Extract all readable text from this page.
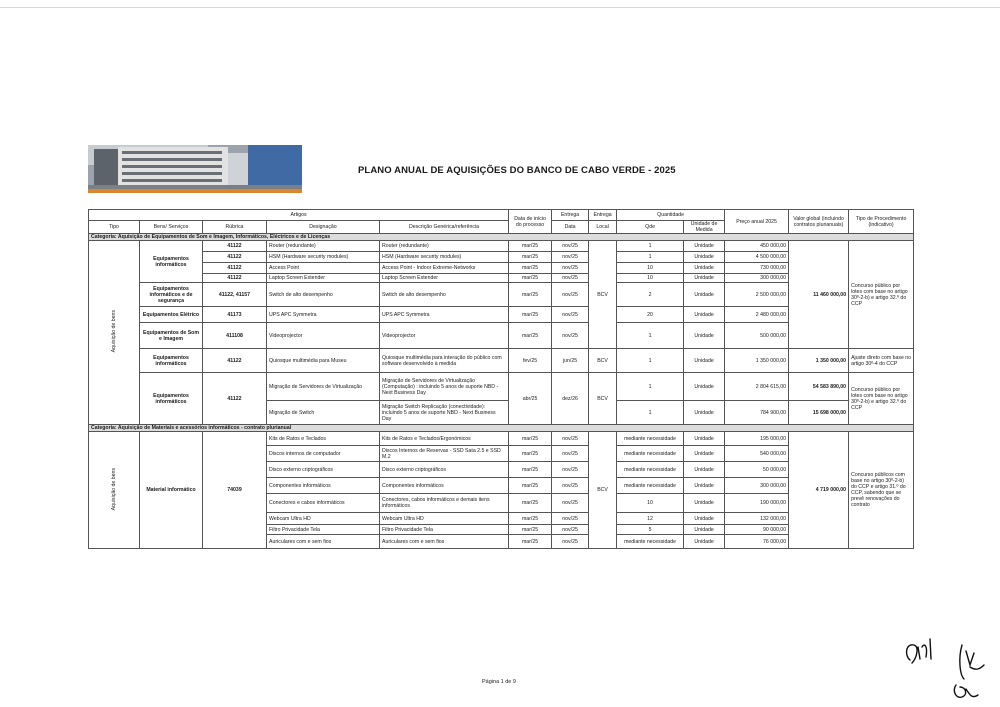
PLANO ANUAL DE AQUISIÇÕES DO BANCO DE CABO VERDE - 2025
Artigos					Data de início do processo	Entrega	Entrega	Quantidade		Preço anual 2025	Valor global (incluindo contratos plurianuais)	Tipo de Procedimento (indicativo)
Tipo	Bens/ Serviços	Rúbrica	Designação	Descrição Genérica/referência		Data	Local	Qde	Unidade de Medida			
Categoria: Aquisição de Equipamentos de Som e Imagem, Informáticos, Eléctricos e de Licenças												
Aquisição de bens	Equipamentos informáticos	41122	Router (redundante)	Router (redundante)	mar/25	nov/25	BCV	1	Unidade	450 000,00	11 460 000,00	Concurso público por lotes com base no artigo 30º-2-b) e artigo 32.º do CCP
		41122	HSM (Hardware security modules)	HSM (Hardware security modules)	mar/25	nov/25		1	Unidade	4 500 000,00		
		41122	Access Point	Access Point - Indoor Extreme-Networks	mar/25	nov/25		10	Unidade	730 000,00		
		41122	Laptop Screen Extender	Laptop Screen Extender	mar/25	nov/25		10	Unidade	300 000,00		
	Equipamentos informáticos e de segurança	41122, 41157	Switch de alto desempenho	Switch de alto desempenho	mar/25	nov/25		2	Unidade	2 500 000,00		
	Equipamentos Elétrico	41173	UPS APC Symmetra	UPS APC Symmetra	mar/25	nov/25		20	Unidade	2 480 000,00		
	Equipamentos de Som e Imagem	411108	Videoprojector	Videoprojector	mar/25	nov/25		1	Unidade	500 000,00		
	Equipamentos informáticos	41122	Quiosque multimédia para Museu	Quiosque multimédia para interação do público com software desenvolvido à medida	fev/25	jun/25	BCV	1	Unidade	1 350 000,00	1 350 000,00	Ajuste direto com base no artigo 30º-4 do CCP
	Equipamentos informáticos	41122	Migração de Servidores de Virtualização	Migração de Servidores de Virtualização (Computação) : incluindo 5 anos de suporte NBD - Next Business Day	abr/25	dez/26	BCV	1	Unidade	2 804 615,00	54 583 890,00	Concurso público por lotes com base no artigo 30º-2-b) e artigo 32.º do CCP
			Migração de Switch	Migração Switch Replicação (conectividade): incluindo 5 anos de suporte NBD - Next Business Day				1	Unidade	784 900,00	15 698 000,00	
Categoria: Aquisição de Materiais e acessórios informáticos - contrato plurianual												
Aquisição de bens	Material informático	74039	Kits de Ratos e Teclados	Kits de Ratos e Teclados/Ergonómicos	mar/25	nov/25	BCV	mediante necessidade	Unidade	195 000,00	4 719 000,00	Concurso públicos com base no artigo 30º-2-b) do CCP e artigo 31.º do CCP, sabendo que se prevê renovações do contrato
			Discos internos de computador	Discos Internos de Reservas - SSD Sata 2.5 e SSD M.2	mar/25	nov/25		mediante necessidade	Unidade	540 000,00		
			Disco externo criptográficos	Disco externo criptográficos	mar/25	nov/25		mediante necessidade	Unidade	50 000,00		
			Componentes informáticos	Componentes informáticos	mar/25	nov/25		mediante necessidade	Unidade	300 000,00		
			Conectores e cabos informáticos	Conectores, cabos informáticos e demais itens informáticos	mar/25	nov/25		10	Unidade	190 000,00		
			Webcam Ultra HD	Webcam Ultra HD	mar/25	nov/25		12	Unidade	132 000,00		
			Filtro Privacidade Tela	Filtro Privacidade Tela	mar/25	nov/25		5	Unidade	90 000,00		
			Auriculares com e sem fios	Auriculares com e sem fios	mar/25	nov/25		mediante necessidade	Unidade	76 000,00		
Página 1 de 9
